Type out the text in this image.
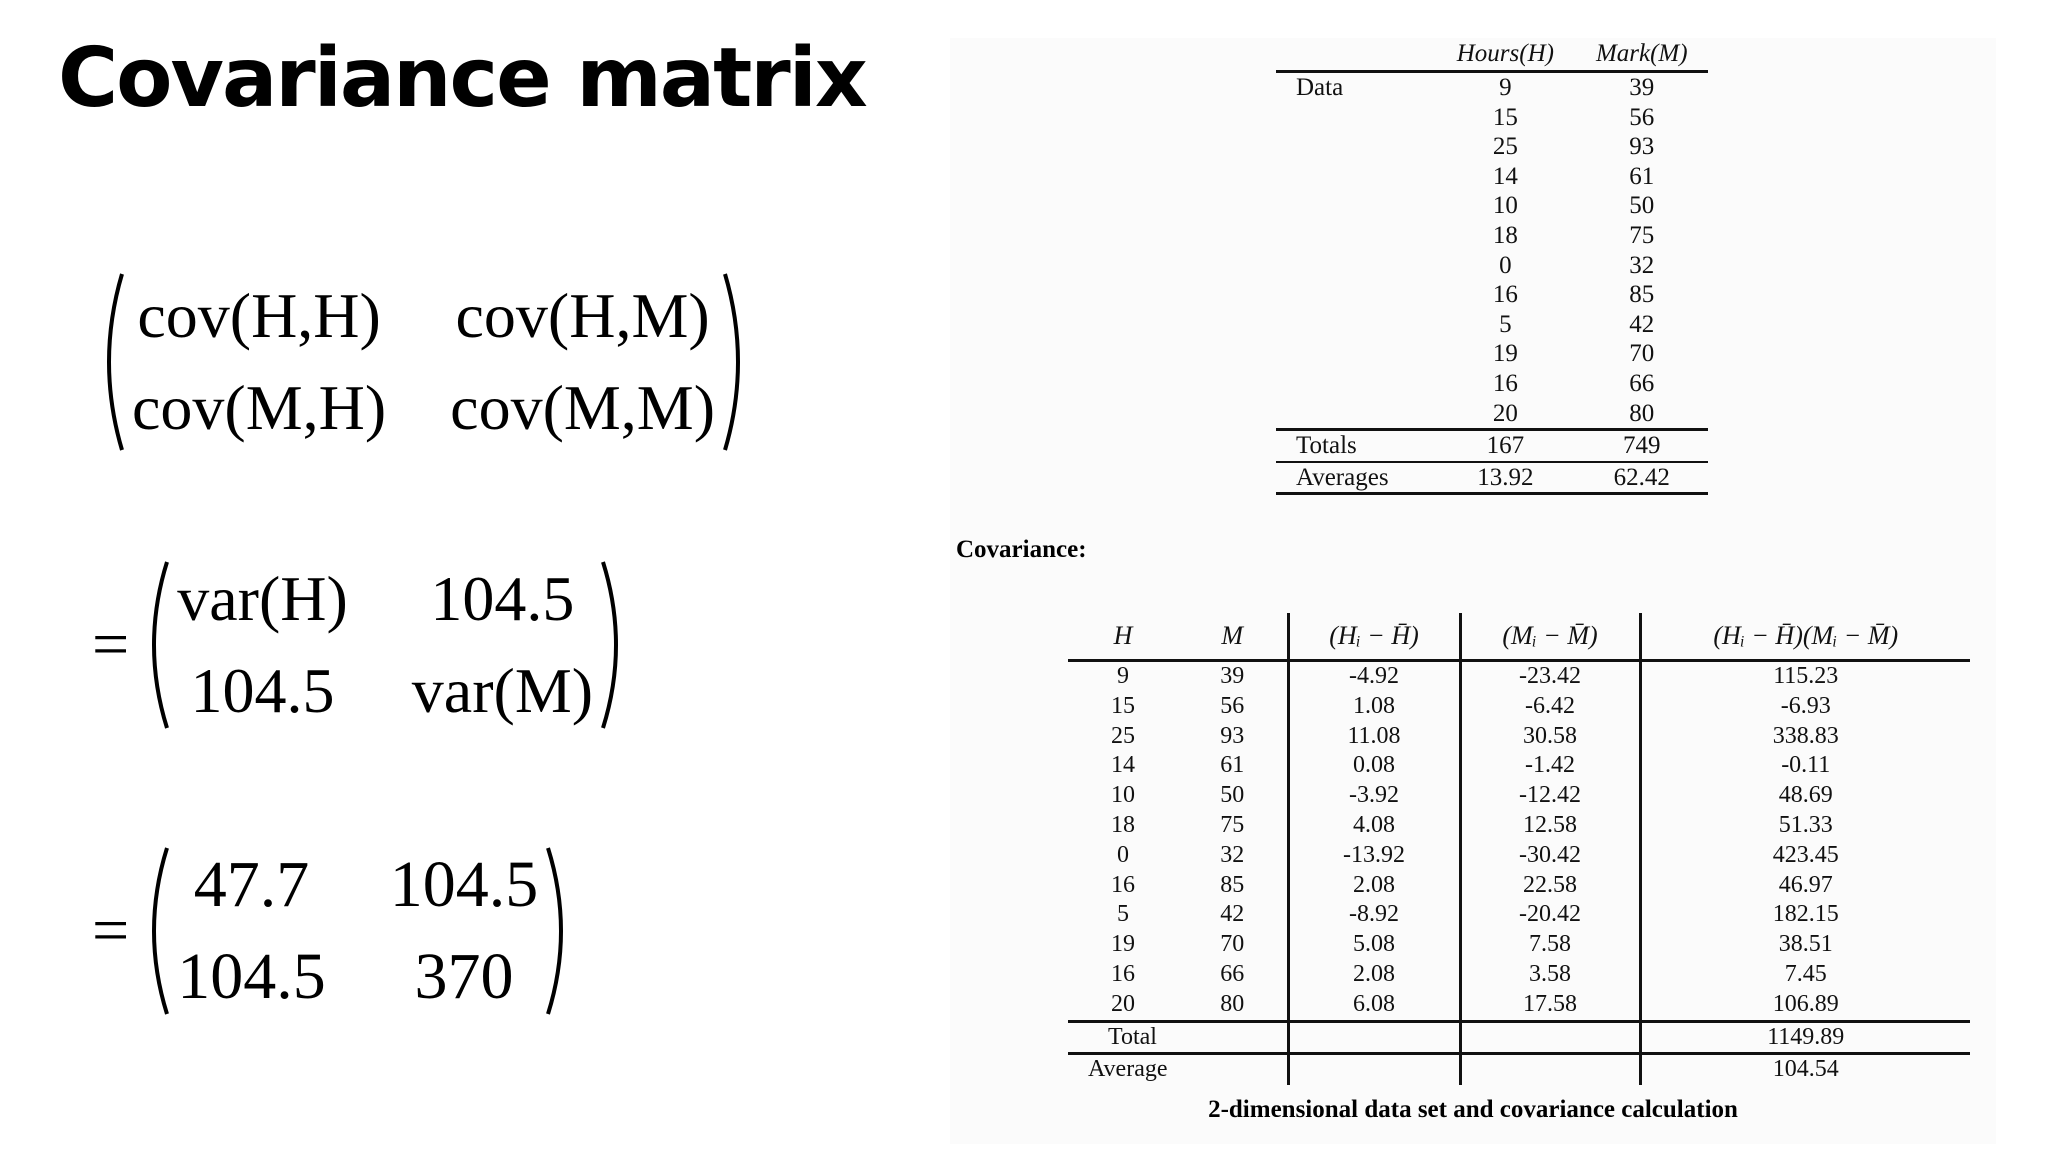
Covariance matrix
cov(H,H) cov(H,M)
cov(M,H) cov(M,M)
=
var(H) 104.5
104.5 var(M)
=
47.7 104.5
104.5	370
	Hours(H)	Mark(M)
Data	9	39
	15	56
	25	93
	14	61
	10	50
	18	75
	0	32
	16	85
	5	42
	19	70
	16	66
	20	80
Totals	167	749
Averages	13.92	62.42
Covariance:
H	M	(Hᵢ − H̄)	(Mᵢ − M̄)	(Hᵢ − H̄)(Mᵢ − M̄)
9	39	-4.92	-23.42	115.23
15	56	1.08	-6.42	-6.93
25	93	11.08	30.58	338.83
14	61	0.08	-1.42	-0.11
10	50	-3.92	-12.42	48.69
18	75	4.08	12.58	51.33
0	32	-13.92	-30.42	423.45
16	85	2.08	22.58	46.97
5	42	-8.92	-20.42	182.15
19	70	5.08	7.58	38.51
16	66	2.08	3.58	7.45
20	80	6.08	17.58	106.89
Total				1149.89
Average				104.54
2-dimensional data set and covariance calculation
